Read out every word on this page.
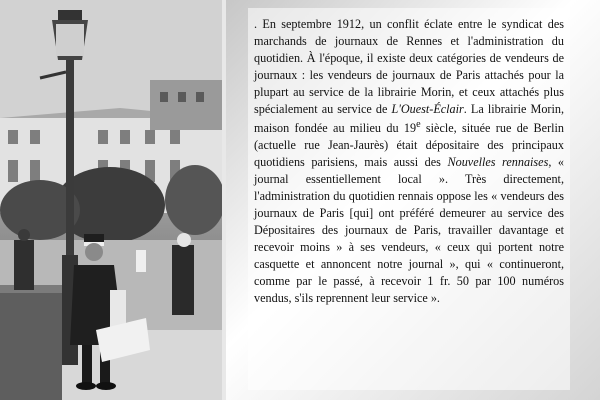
. En septembre 1912, un conflit éclate entre le syndicat des marchands de journaux de Rennes et l'administration du quotidien. À l'époque, il existe deux catégories de vendeurs de journaux : les vendeurs de journaux de Paris attachés pour la plupart au service de la librairie Morin, et ceux attachés plus spécialement au service de L'Ouest-Éclair. La librairie Morin, maison fondée au milieu du 19e siècle, située rue de Berlin (actuelle rue Jean-Jaurès) était dépositaire des principaux quotidiens parisiens, mais aussi des Nouvelles rennaises, « journal essentiellement local ». Très directement, l'administration du quotidien rennais oppose les « vendeurs des journaux de Paris [qui] ont préféré demeurer au service des Dépositaires des journaux de Paris, travailler davantage et recevoir moins » à ses vendeurs, « ceux qui portent notre casquette et annoncent notre journal », qui « continueront, comme par le passé, à recevoir 1 fr. 50 par 100 numéros vendus, s'ils reprennent leur service ».
